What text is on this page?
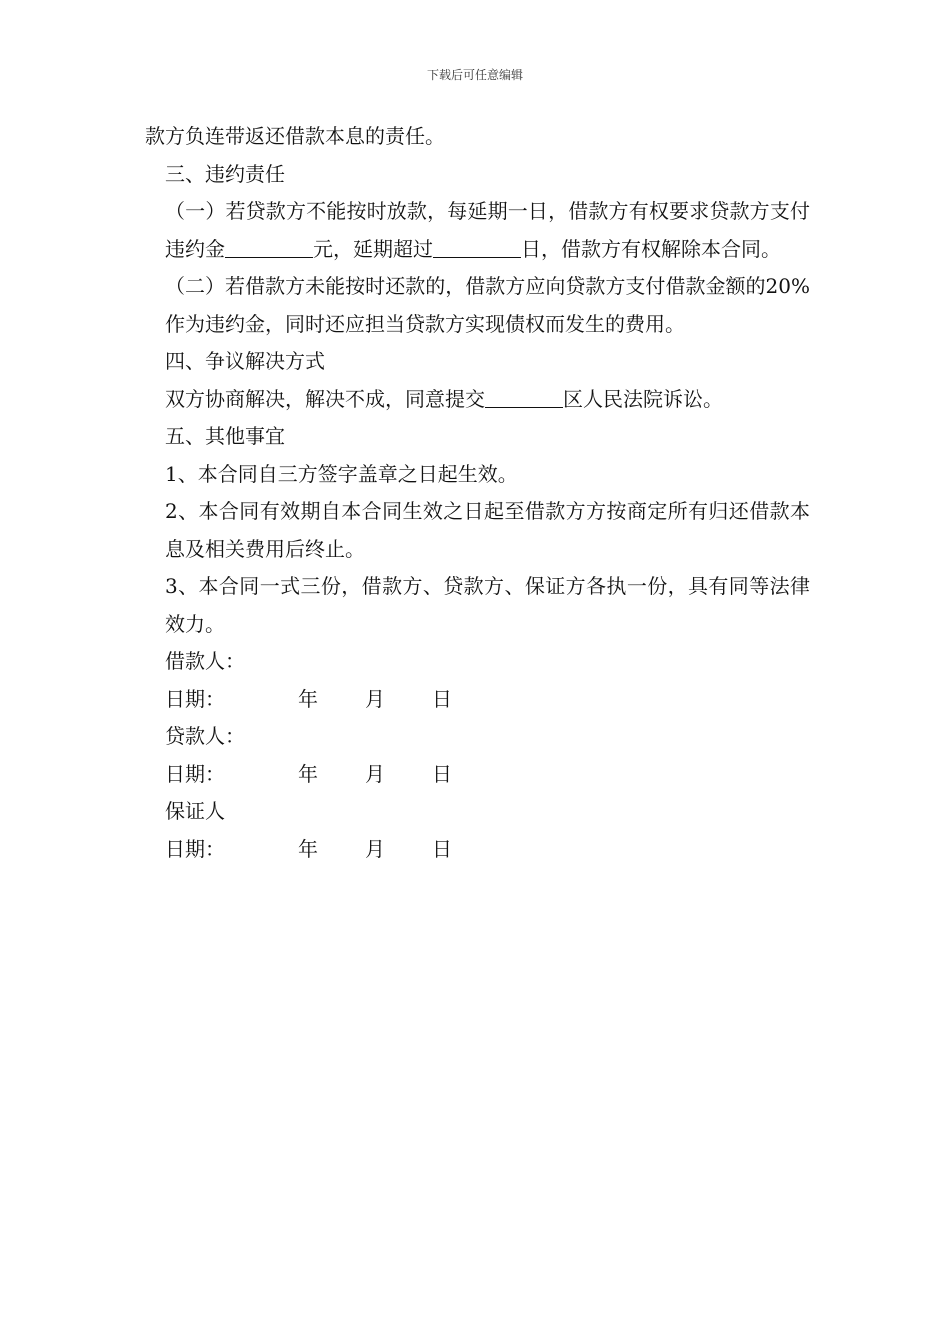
下载后可任意编辑

款方负连带返还借款本息的责任。

三、违约责任

（一）若贷款方不能按时放款，每延期一日，借款方有权要求贷款方支付违约金	元，延期超过	日，借款方有权解除本合同。

（二）若借款方未能按时还款的，借款方应向贷款方支付借款金额的20%作为违约金，同时还应担当贷款方实现债权而发生的费用。

四、争议解决方式

双方协商解决，解决不成，同意提交	区人民法院诉讼。

五、其他事宜

1、本合同自三方签字盖章之日起生效。

2、本合同有效期自本合同生效之日起至借款方方按商定所有归还借款本息及相关费用后终止。

3、本合同一式三份，借款方、贷款方、保证方各执一份，具有同等法律效力。

借款人：

日期：	年 月 日

贷款人：

日期：	年 月 日

保证人

日期：	年 月 日
